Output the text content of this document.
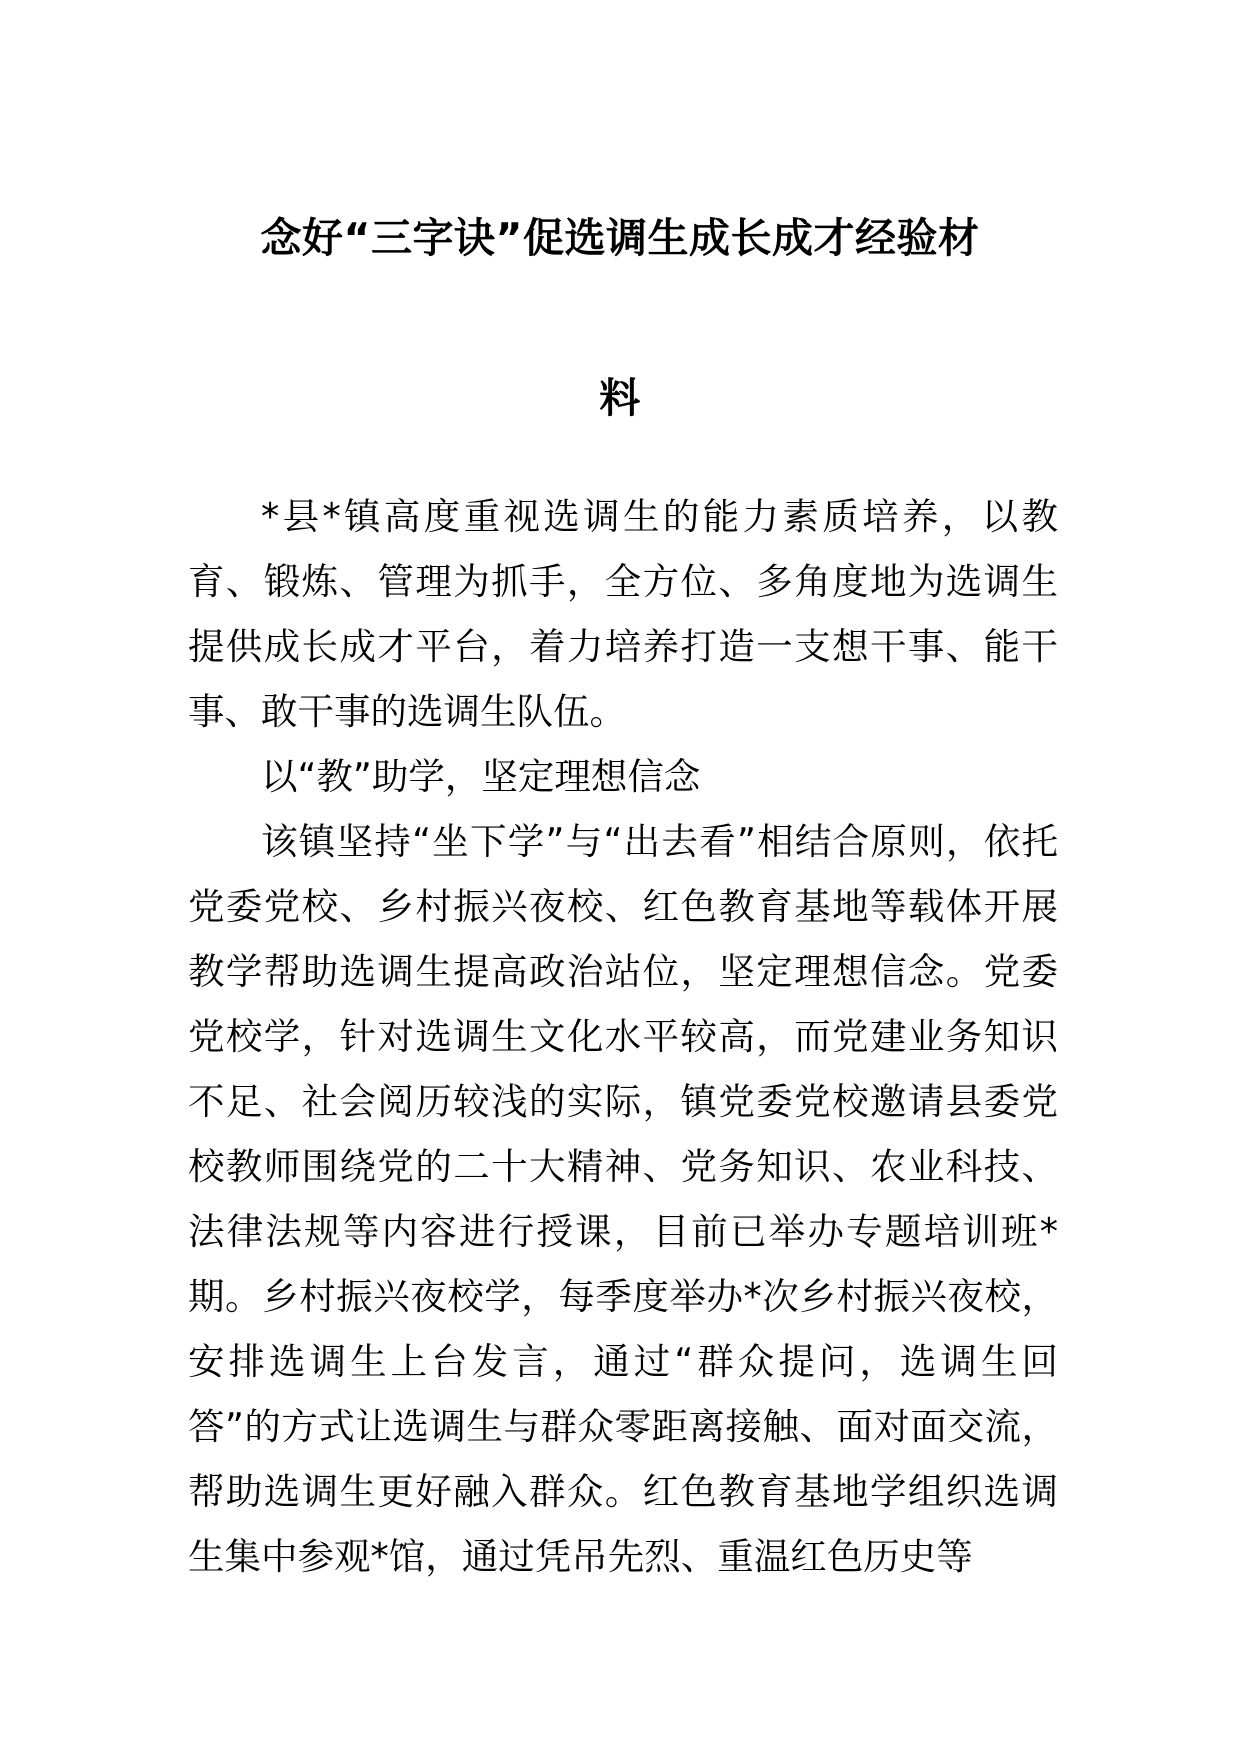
念好“三字诀”促选调生成长成才经验材
料

*县*镇高度重视选调生的能力素质培养，以教育、锻炼、管理为抓手，全方位、多角度地为选调生提供成长成才平台，着力培养打造一支想干事、能干事、敢干事的选调生队伍。

以“教”助学，坚定理想信念

该镇坚持“坐下学”与“出去看”相结合原则，依托党委党校、乡村振兴夜校、红色教育基地等载体开展教学帮助选调生提高政治站位，坚定理想信念。党委党校学，针对选调生文化水平较高，而党建业务知识不足、社会阅历较浅的实际，镇党委党校邀请县委党校教师围绕党的二十大精神、党务知识、农业科技、法律法规等内容进行授课，目前已举办专题培训班*期。乡村振兴夜校学，每季度举办*次乡村振兴夜校，安排选调生上台发言，通过“群众提问，选调生回答”的方式让选调生与群众零距离接触、面对面交流，帮助选调生更好融入群众。红色教育基地学组织选调生集中参观*馆，通过凭吊先烈、重温红色历史等
